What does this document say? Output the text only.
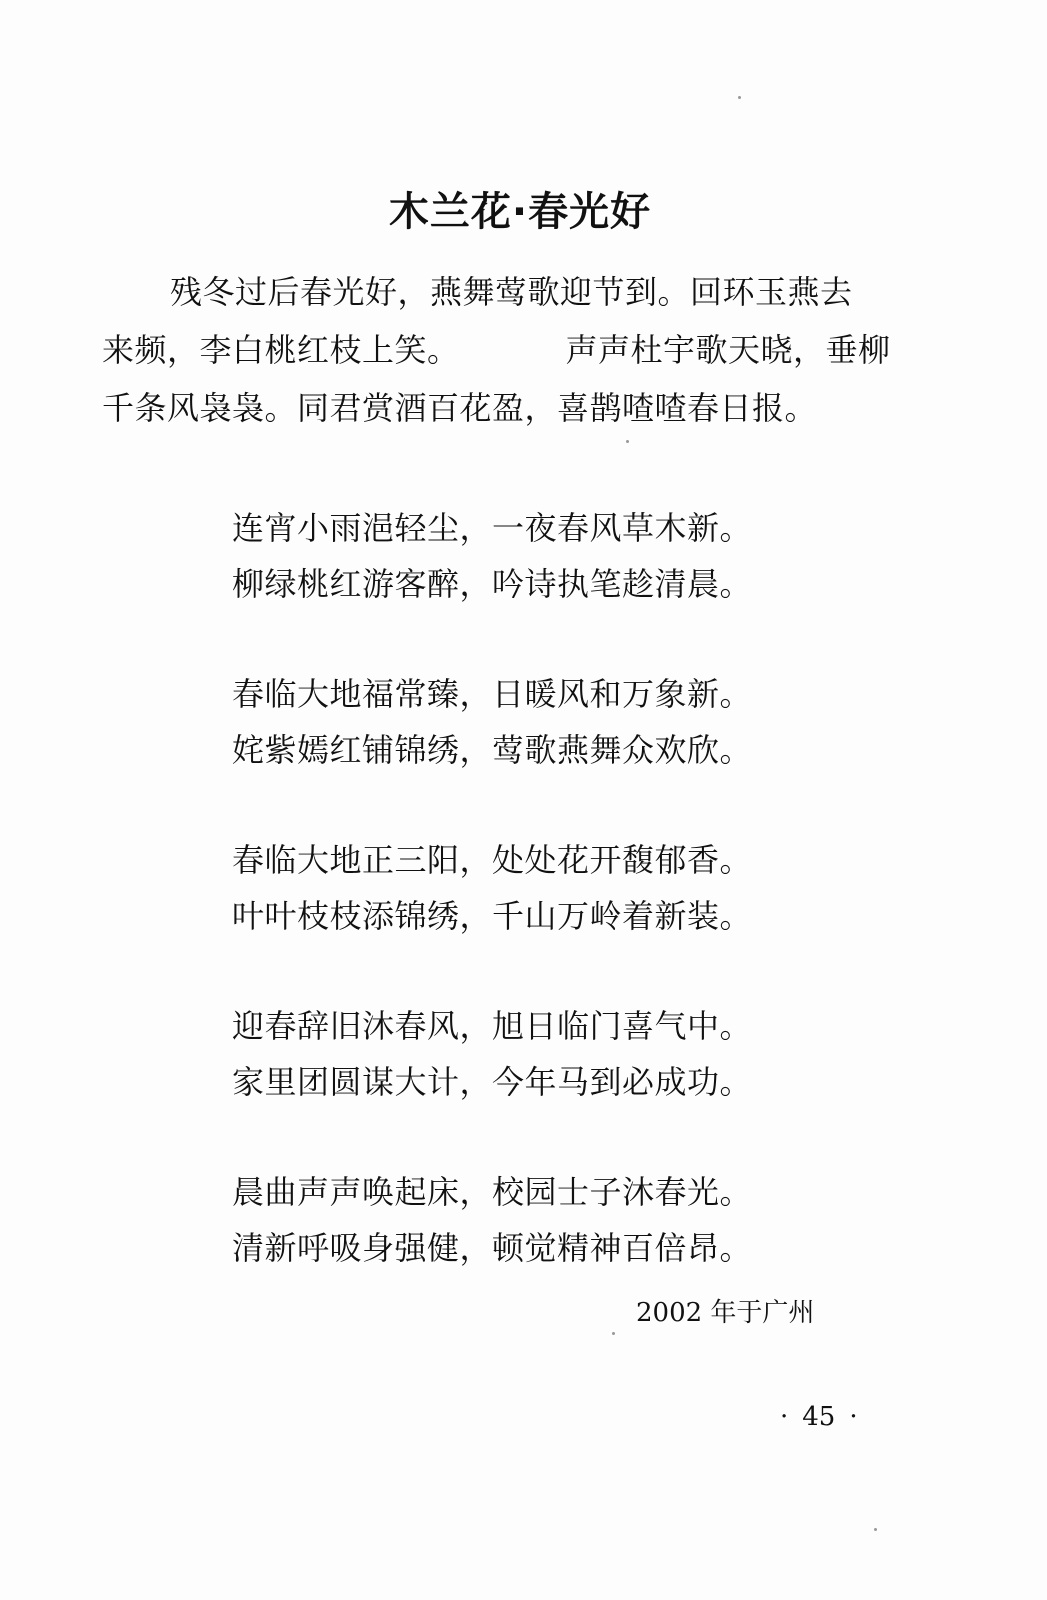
木兰花·春光好
残冬过后春光好，燕舞莺歌迎节到。回环玉燕去
来频，李白桃红枝上笑。	声声杜宇歌天晓，垂柳
千条风袅袅。同君赏酒百花盈，喜鹊喳喳春日报。
连宵小雨浥轻尘，一夜春风草木新。
柳绿桃红游客醉，吟诗执笔趁清晨。
春临大地福常臻，日暖风和万象新。
姹紫嫣红铺锦绣，莺歌燕舞众欢欣。
春临大地正三阳，处处花开馥郁香。
叶叶枝枝添锦绣，千山万岭着新装。
迎春辞旧沐春风，旭日临门喜气中。
家里团圆谋大计，今年马到必成功。
晨曲声声唤起床，校园士子沐春光。
清新呼吸身强健，顿觉精神百倍昂。
2002 年于广州
· 45 ·
